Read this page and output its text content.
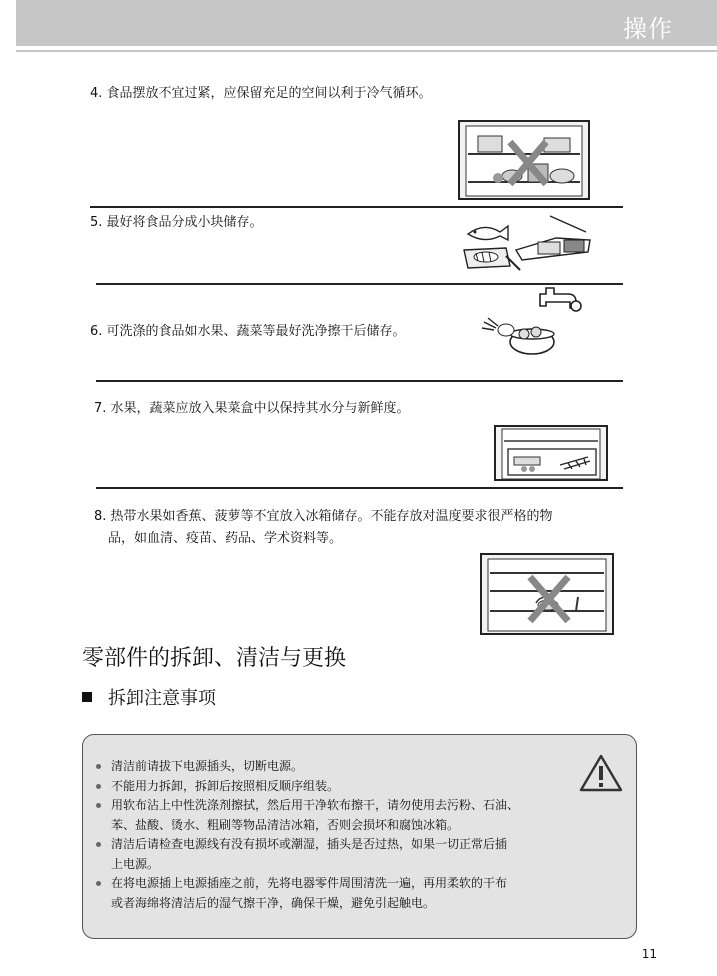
操作
4. 食品摆放不宜过紧，应保留充足的空间以利于冷气循环。
5. 最好将食品分成小块储存。
6. 可洗涤的食品如水果、蔬菜等最好洗净擦干后储存。
7. 水果，蔬菜应放入果菜盒中以保持其水分与新鲜度。
8. 热带水果如香蕉、菠萝等不宜放入冰箱储存。不能存放对温度要求很严格的物
品，如血清、疫苗、药品、学术资料等。
零部件的拆卸、清洁与更换
拆卸注意事项
清洁前请拔下电源插头，切断电源。
不能用力拆卸，拆卸后按照相反顺序组装。
用软布沾上中性洗涤剂擦拭，然后用干净软布擦干，请勿使用去污粉、石油、
苯、盐酸、烫水、粗刷等物品清洁冰箱，否则会损坏和腐蚀冰箱。
清洁后请检查电源线有没有损坏或潮湿，插头是否过热，如果一切正常后插
上电源。
在将电源插上电源插座之前，先将电器零件周围清洗一遍，再用柔软的干布
或者海绵将清洁后的湿气擦干净，确保干燥，避免引起触电。
11
